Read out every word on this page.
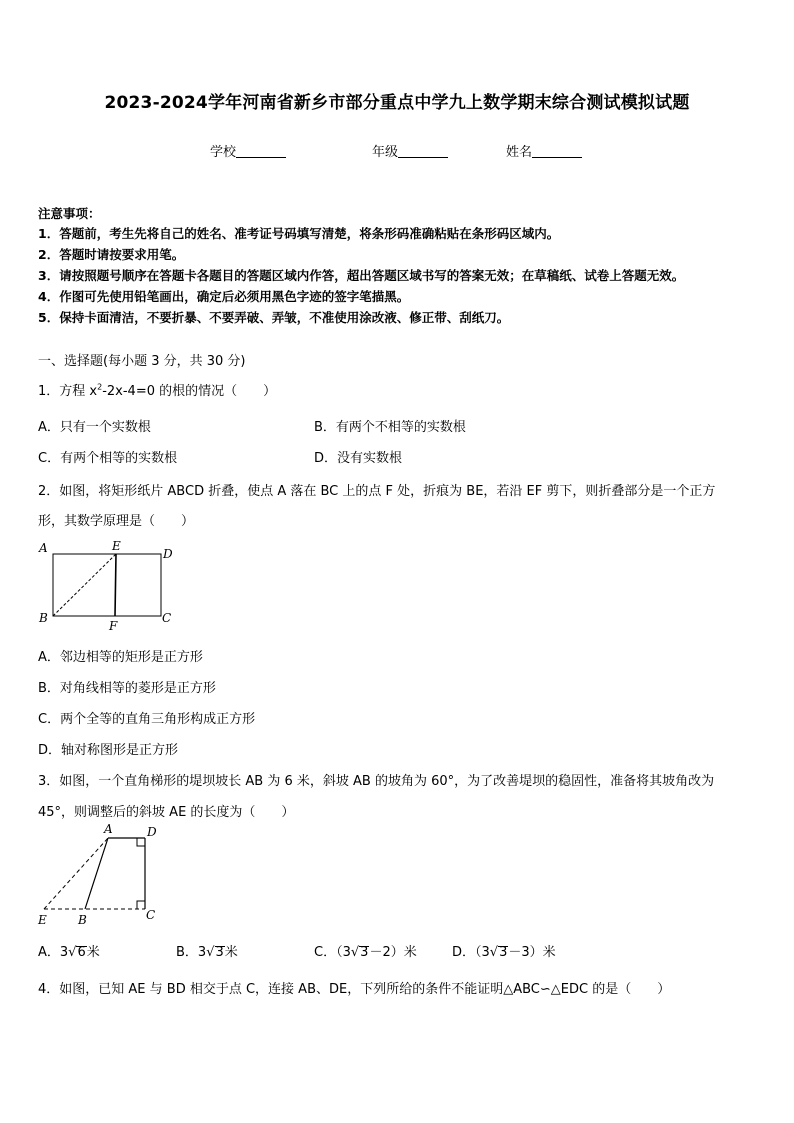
2023-2024学年河南省新乡市部分重点中学九上数学期末综合测试模拟试题
学校	年级	姓名
注意事项：
1．答题前，考生先将自己的姓名、准考证号码填写清楚，将条形码准确粘贴在条形码区域内。
2．答题时请按要求用笔。
3．请按照题号顺序在答题卡各题目的答题区域内作答，超出答题区域书写的答案无效；在草稿纸、试卷上答题无效。
4．作图可先使用铅笔画出，确定后必须用黑色字迹的签字笔描黑。
5．保持卡面清洁，不要折暴、不要弄破、弄皱，不准使用涂改液、修正带、刮纸刀。
一、选择题(每小题 3 分，共 30 分)
1．方程 $x^2-2x-4=0$ 的根的情况（　　）
A．只有一个实数根	B．有两个不相等的实数根
C．有两个相等的实数根	D．没有实数根
2．如图，将矩形纸片 ABCD 折叠，使点 A 落在 BC 上的点 F 处，折痕为 BE，若沿 EF 剪下，则折叠部分是一个正方
形，其数学原理是（　　）
A	E
D
B
F
C
A．邻边相等的矩形是正方形
B．对角线相等的菱形是正方形
C．两个全等的直角三角形构成正方形
D．轴对称图形是正方形
3．如图，一个直角梯形的堤坝坡长 AB 为 6 米，斜坡 AB 的坡角为 60°，为了改善堤坝的稳固性，准备将其坡角改为
45°，则调整后的斜坡 AE 的长度为（　　）
A	D
E	B	C
A．3√6米	B．3√3米	C．（3√3－2）米	D．（3√3－3）米
4．如图，已知 AE 与 BD 相交于点 C，连接 AB、DE，下列所给的条件不能证明△ABC∽△EDC 的是（　　）
